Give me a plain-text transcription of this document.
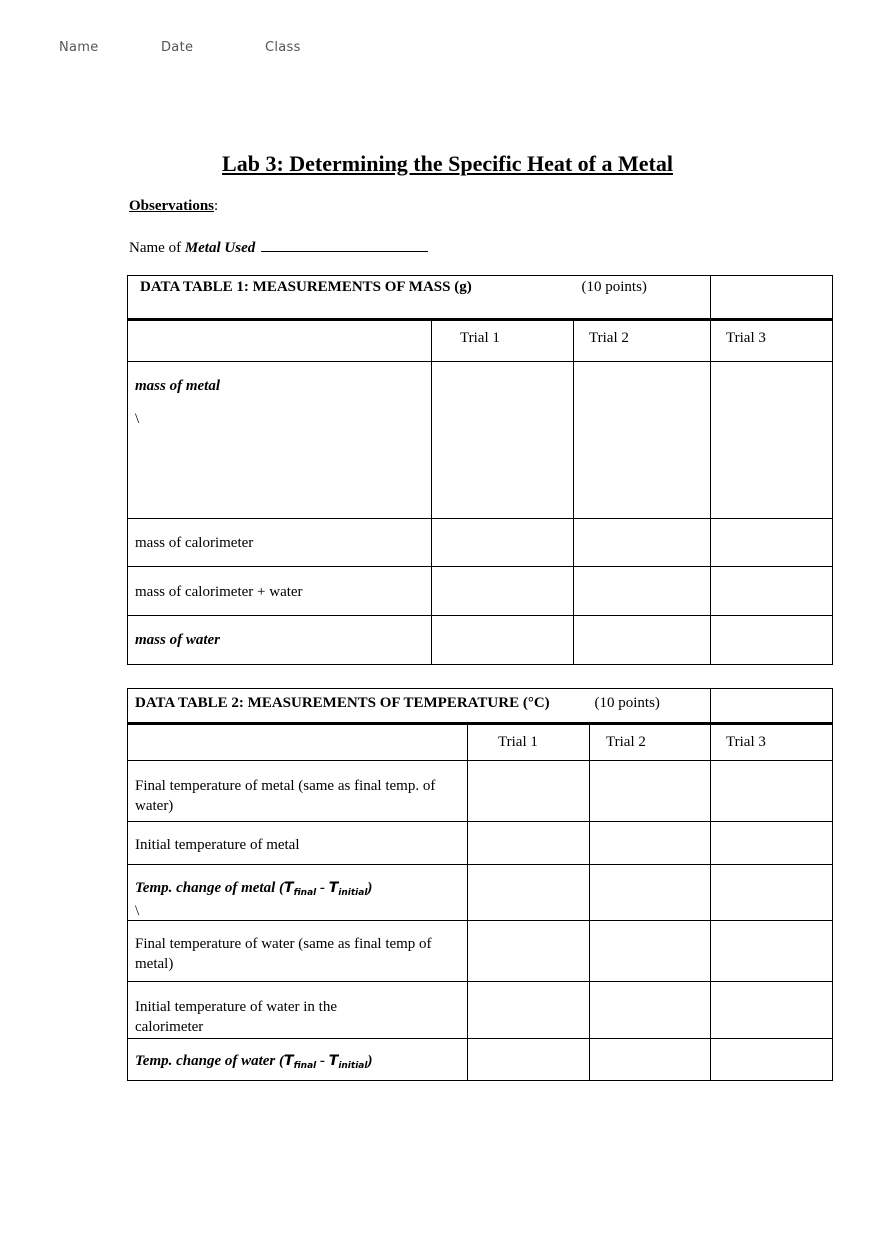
Name	Date	Class
Lab 3: Determining the Specific Heat of a Metal
Observations:
Name of Metal Used
DATA TABLE 1: MEASUREMENTS OF MASS (g) (10 points)			

	Trial 1	Trial 2	Trial 3

mass of metal
\			

mass of calorimeter			
mass of calorimeter + water			
mass of water			
DATA TABLE 2: MEASUREMENTS OF TEMPERATURE (°C) (10 points)			

	Trial 1	Trial 2	Trial 3
Final temperature of metal (same as final temp. of water)			
Initial temperature of metal			

Temp. change of metal $(T_{final} - T_{initial})$
\			

Final temperature of water (same as final temp of metal)			
Initial temperature of water in the calorimeter			
Temp. change of water $(T_{final} - T_{initial})$			
